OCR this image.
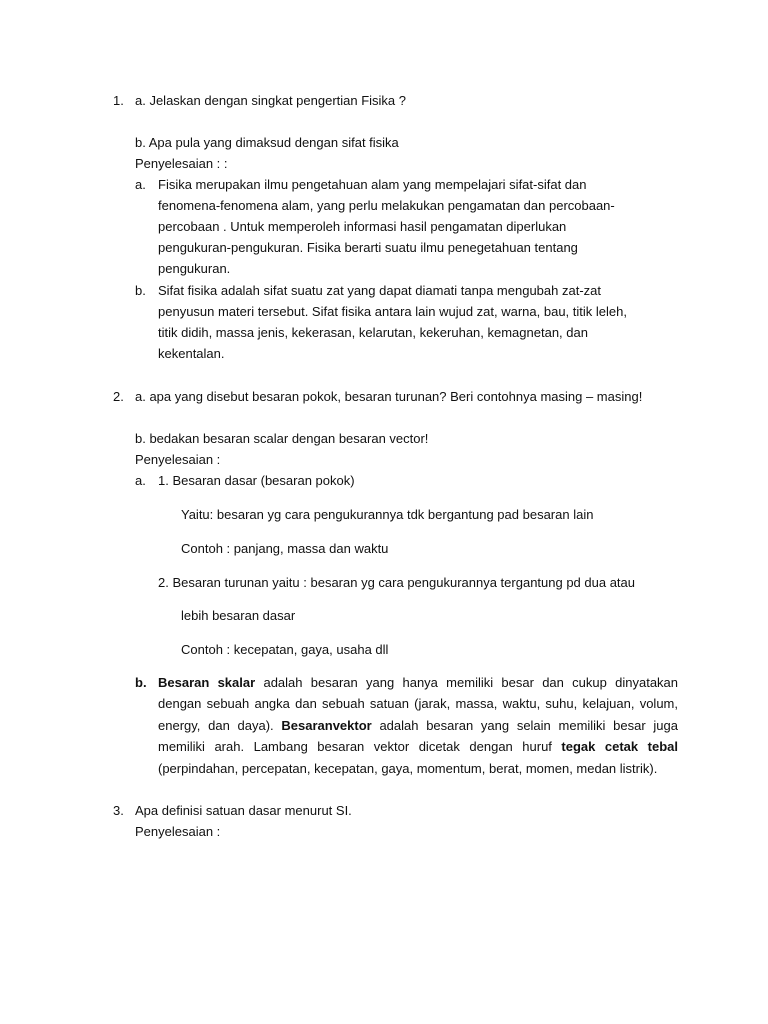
1. a. Jelaskan dengan singkat pengertian Fisika ?
b. Apa pula yang dimaksud dengan sifat fisika
Penyelesaian : :
a. Fisika merupakan ilmu pengetahuan alam yang mempelajari sifat-sifat dan
fenomena-fenomena alam, yang perlu melakukan pengamatan dan percobaan-
percobaan . Untuk memperoleh informasi hasil pengamatan diperlukan
pengukuran-pengukuran. Fisika berarti suatu ilmu penegetahuan tentang
pengukuran.
b. Sifat fisika adalah sifat suatu zat yang dapat diamati tanpa mengubah zat-zat
penyusun materi tersebut. Sifat fisika antara lain wujud zat, warna, bau, titik leleh,
titik didih, massa jenis, kekerasan, kelarutan, kekeruhan, kemagnetan, dan
kekentalan.
2. a. apa yang disebut besaran pokok, besaran turunan? Beri contohnya masing – masing!
b. bedakan besaran scalar dengan besaran vector!
Penyelesaian :
a. 1. Besaran dasar (besaran pokok)
Yaitu: besaran yg cara pengukurannya tdk bergantung pad besaran lain
Contoh : panjang, massa dan waktu
2. Besaran turunan yaitu : besaran yg cara pengukurannya tergantung pd dua atau
lebih besaran dasar
Contoh : kecepatan, gaya, usaha dll
b. Besaran skalar adalah besaran yang hanya memiliki besar dan cukup dinyatakan dengan sebuah angka dan sebuah satuan (jarak, massa, waktu, suhu, kelajuan, volum, energy, dan daya). Besaranvektor adalah besaran yang selain memiliki besar juga memiliki arah. Lambang besaran vektor dicetak dengan huruf tegak cetak tebal (perpindahan, percepatan, kecepatan, gaya, momentum, berat, momen, medan listrik).
3. Apa definisi satuan dasar menurut SI.
Penyelesaian :
